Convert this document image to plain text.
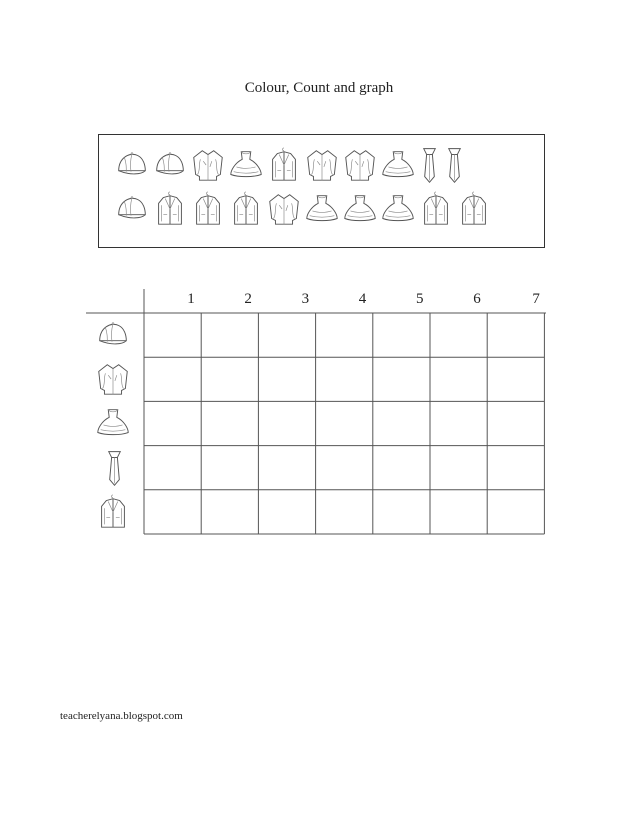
Colour, Count and graph
1	2	3	4	5	6	7
teacherelyana.blogspot.com
